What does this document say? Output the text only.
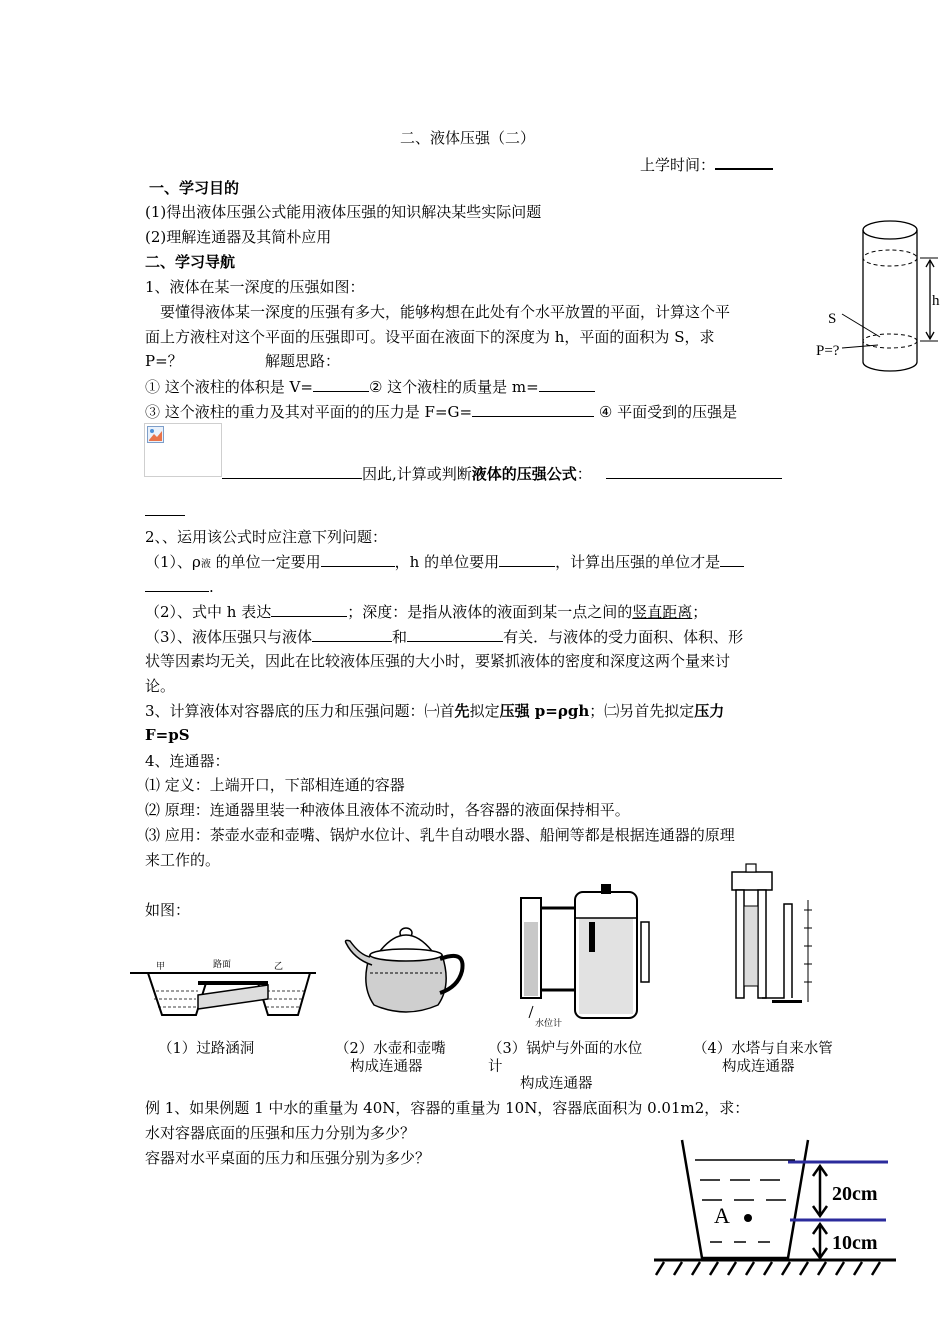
二、液体压强（二）
上学时间：
一、学习目的
(1)得出液体压强公式能用液体压强的知识解决某些实际问题
(2)理解连通器及其简朴应用
二、学习导航
1、液体在某一深度的压强如图：
要懂得液体某一深度的压强有多大，能够构想在此处有个水平放置的平面，计算这个平
面上方液柱对这个平面的压强即可。设平面在液面下的深度为 h，平面的面积为 S，求
P=？	解题思路：
① 这个液柱的体积是 V=	② 这个液柱的质量是 m=
③ 这个液柱的重力及其对平面的的压力是 F=G=	④ 平面受到的压强是
因此,计算或判断液体的压强公式：
2、、运用该公式时应注意下列问题：
（1）、ρ液 的单位一定要用	，h 的单位要用	，计算出压强的单位才是
.
（2）、式中 h 表达	；深度：是指从液体的液面到某一点之间的竖直距离；
（3）、液体压强只与液体	和	有关．与液体的受力面积、体积、形
状等因素均无关，因此在比较液体压强的大小时，要紧抓液体的密度和深度这两个量来讨
论。
3、计算液体对容器底的压力和压强问题：㈠首先拟定压强 p=ρgh；㈡另首先拟定压力
F=pS
4、连通器：
⑴ 定义：上端开口，下部相连通的容器
⑵ 原理：连通器里装一种液体且液体不流动时，各容器的液面保持相平。
⑶ 应用：茶壶水壶和壶嘴、锅炉水位计、乳牛自动喂水器、船闸等都是根据连通器的原理
来工作的。
如图：
S
P=?
h
路面
甲	乙
水位计
（1）过路涵洞	（2）水壶和壶嘴
构成连通器
（3）锅炉与外面的水位
计
构成连通器
（4）水塔与自来水管
构成连通器
例 1、如果例题 1 中水的重量为 40N，容器的重量为 10N，容器底面积为 0.01m2，求：
水对容器底面的压强和压力分别为多少？
容器对水平桌面的压力和压强分别为多少？
A
20cm
10cm
